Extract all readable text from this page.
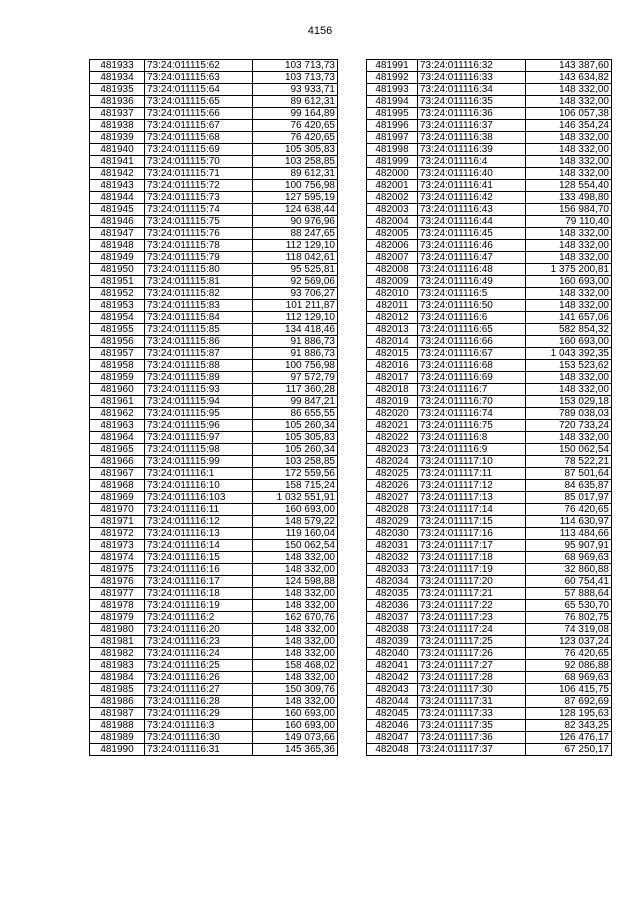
4156
481933	73:24:011115:62	103 713,73
481934	73:24:011115:63	103 713,73
481935	73:24:011115:64	93 933,71
481936	73:24:011115:65	89 612,31
481937	73:24:011115:66	99 164,89
481938	73:24:011115:67	76 420,65
481939	73:24:011115:68	76 420,65
481940	73:24:011115:69	105 305,83
481941	73:24:011115:70	103 258,85
481942	73:24:011115:71	89 612,31
481943	73:24:011115:72	100 756,98
481944	73:24:011115:73	127 595,19
481945	73:24:011115:74	124 638,44
481946	73:24:011115:75	90 976,96
481947	73:24:011115:76	88 247,65
481948	73:24:011115:78	112 129,10
481949	73:24:011115:79	118 042,61
481950	73:24:011115:80	95 525,81
481951	73:24:011115:81	92 569,06
481952	73:24:011115:82	93 706,27
481953	73:24:011115:83	101 211,87
481954	73:24:011115:84	112 129,10
481955	73:24:011115:85	134 418,46
481956	73:24:011115:86	91 886,73
481957	73:24:011115:87	91 886,73
481958	73:24:011115:88	100 756,98
481959	73:24:011115:89	97 572,79
481960	73:24:011115:93	117 360,28
481961	73:24:011115:94	99 847,21
481962	73:24:011115:95	86 655,55
481963	73:24:011115:96	105 260,34
481964	73:24:011115:97	105 305,83
481965	73:24:011115:98	105 260,34
481966	73:24:011115:99	103 258,85
481967	73:24:011116:1	172 559,56
481968	73:24:011116:10	158 715,24
481969	73:24:011116:103	1 032 551,91
481970	73:24:011116:11	160 693,00
481971	73:24:011116:12	148 579,22
481972	73:24:011116:13	119 160,04
481973	73:24:011116:14	150 062,54
481974	73:24:011116:15	148 332,00
481975	73:24:011116:16	148 332,00
481976	73:24:011116:17	124 598,88
481977	73:24:011116:18	148 332,00
481978	73:24:011116:19	148 332,00
481979	73:24:011116:2	162 670,76
481980	73:24:011116:20	148 332,00
481981	73:24:011116:23	148 332,00
481982	73:24:011116:24	148 332,00
481983	73:24:011116:25	158 468,02
481984	73:24:011116:26	148 332,00
481985	73:24:011116:27	150 309,76
481986	73:24:011116:28	148 332,00
481987	73:24:011116:29	160 693,00
481988	73:24:011116:3	160 693,00
481989	73:24:011116:30	149 073,66
481990	73:24:011116:31	145 365,36
481991	73:24:011116:32	143 387,60
481992	73:24:011116:33	143 634,82
481993	73:24:011116:34	148 332,00
481994	73:24:011116:35	148 332,00
481995	73:24:011116:36	106 057,38
481996	73:24:011116:37	146 354,24
481997	73:24:011116:38	148 332,00
481998	73:24:011116:39	148 332,00
481999	73:24:011116:4	148 332,00
482000	73:24:011116:40	148 332,00
482001	73:24:011116:41	128 554,40
482002	73:24:011116:42	133 498,80
482003	73:24:011116:43	156 984,70
482004	73:24:011116:44	79 110,40
482005	73:24:011116:45	148 332,00
482006	73:24:011116:46	148 332,00
482007	73:24:011116:47	148 332,00
482008	73:24:011116:48	1 375 200,81
482009	73:24:011116:49	160 693,00
482010	73:24:011116:5	148 332,00
482011	73:24:011116:50	148 332,00
482012	73:24:011116:6	141 657,06
482013	73:24:011116:65	582 854,32
482014	73:24:011116:66	160 693,00
482015	73:24:011116:67	1 043 392,35
482016	73:24:011116:68	153 523,62
482017	73:24:011116:69	148 332,00
482018	73:24:011116:7	148 332,00
482019	73:24:011116:70	153 029,18
482020	73:24:011116:74	789 038,03
482021	73:24:011116:75	720 733,24
482022	73:24:011116:8	148 332,00
482023	73:24:011116:9	150 062,54
482024	73:24:011117:10	78 522,21
482025	73:24:011117:11	87 501,64
482026	73:24:011117:12	84 635,87
482027	73:24:011117:13	85 017,97
482028	73:24:011117:14	76 420,65
482029	73:24:011117:15	114 630,97
482030	73:24:011117:16	113 484,66
482031	73:24:011117:17	95 907,91
482032	73:24:011117:18	68 969,63
482033	73:24:011117:19	32 860,88
482034	73:24:011117:20	60 754,41
482035	73:24:011117:21	57 888,64
482036	73:24:011117:22	65 530,70
482037	73:24:011117:23	76 802,75
482038	73:24:011117:24	74 319,08
482039	73:24:011117:25	123 037,24
482040	73:24:011117:26	76 420,65
482041	73:24:011117:27	92 086,88
482042	73:24:011117:28	68 969,63
482043	73:24:011117:30	106 415,75
482044	73:24:011117:31	87 692,69
482045	73:24:011117:33	128 195,63
482046	73:24:011117:35	82 343,25
482047	73:24:011117:36	126 476,17
482048	73:24:011117:37	67 250,17
